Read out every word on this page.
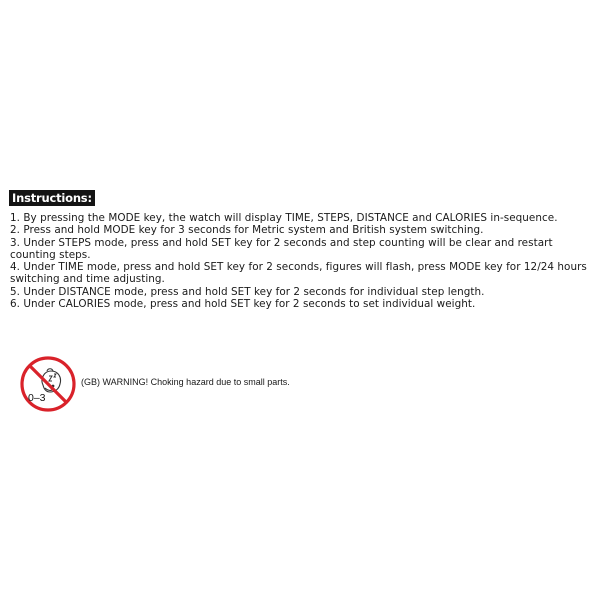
Instructions:
1. By pressing the MODE key, the watch will display TIME, STEPS, DISTANCE and CALORIES in-sequence.
2. Press and hold MODE key for 3 seconds for Metric system and British system switching.
3. Under STEPS mode, press and hold SET key for 2 seconds and step counting will be clear and restart counting steps.
4. Under TIME mode, press and hold SET key for 2 seconds, figures will flash, press MODE key for 12/24 hours switching and time adjusting.
5. Under DISTANCE mode, press and hold SET key for 2 seconds for individual step length.
6. Under CALORIES mode, press and hold SET key for 2 seconds to set individual weight.
0–3
(GB) WARNING! Choking hazard due to small parts.
